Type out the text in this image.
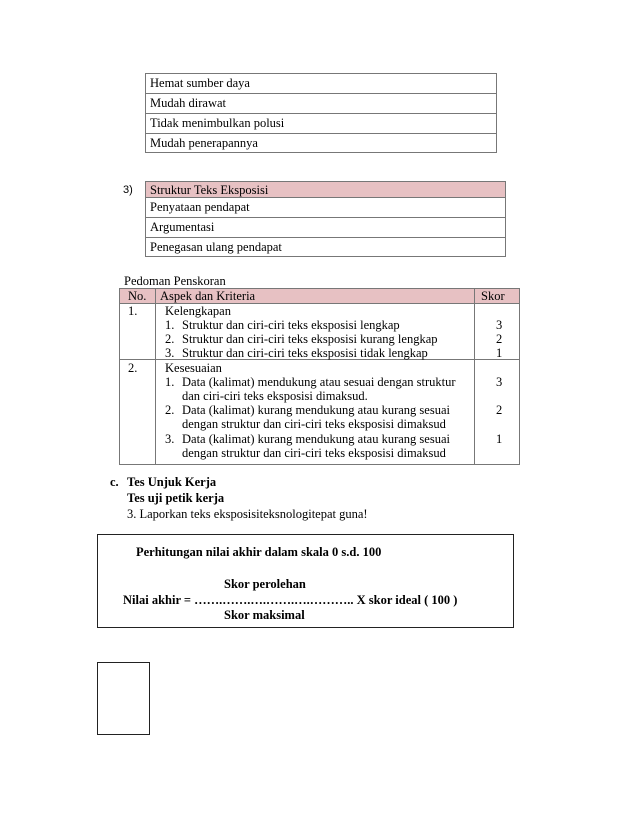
Hemat sumber daya
Mudah dirawat
Tidak menimbulkan polusi
Mudah penerapannya
3) Struktur Teks Eksposisi
Penyataan pendapat
Argumentasi
Penegasan ulang pendapat
Pedoman Penskoran
No. Aspek dan Kriteria	Skor
1. Kelengkapan
1. Struktur dan ciri-ciri teks eksposisi lengkap	3
2. Struktur dan ciri-ciri teks eksposisi kurang lengkap	2
3. Struktur dan ciri-ciri teks eksposisi tidak lengkap	1
2. Kesesuaian
1. Data (kalimat) mendukung atau sesuai dengan struktur
dan ciri-ciri teks eksposisi dimaksud.
3
2. Data (kalimat) kurang mendukung atau kurang sesuai
dengan struktur dan ciri-ciri teks eksposisi dimaksud
2
3. Data (kalimat) kurang mendukung atau kurang sesuai
dengan struktur dan ciri-ciri teks eksposisi dimaksud
1
c. Tes Unjuk Kerja
Tes uji petik kerja
3. Laporkan teks eksposisiteksnologitepat guna!
Perhitungan nilai akhir dalam skala 0 s.d. 100
Skor perolehan
Nilai akhir = …….…….….…….….……….. X skor ideal ( 100 )
Skor maksimal
